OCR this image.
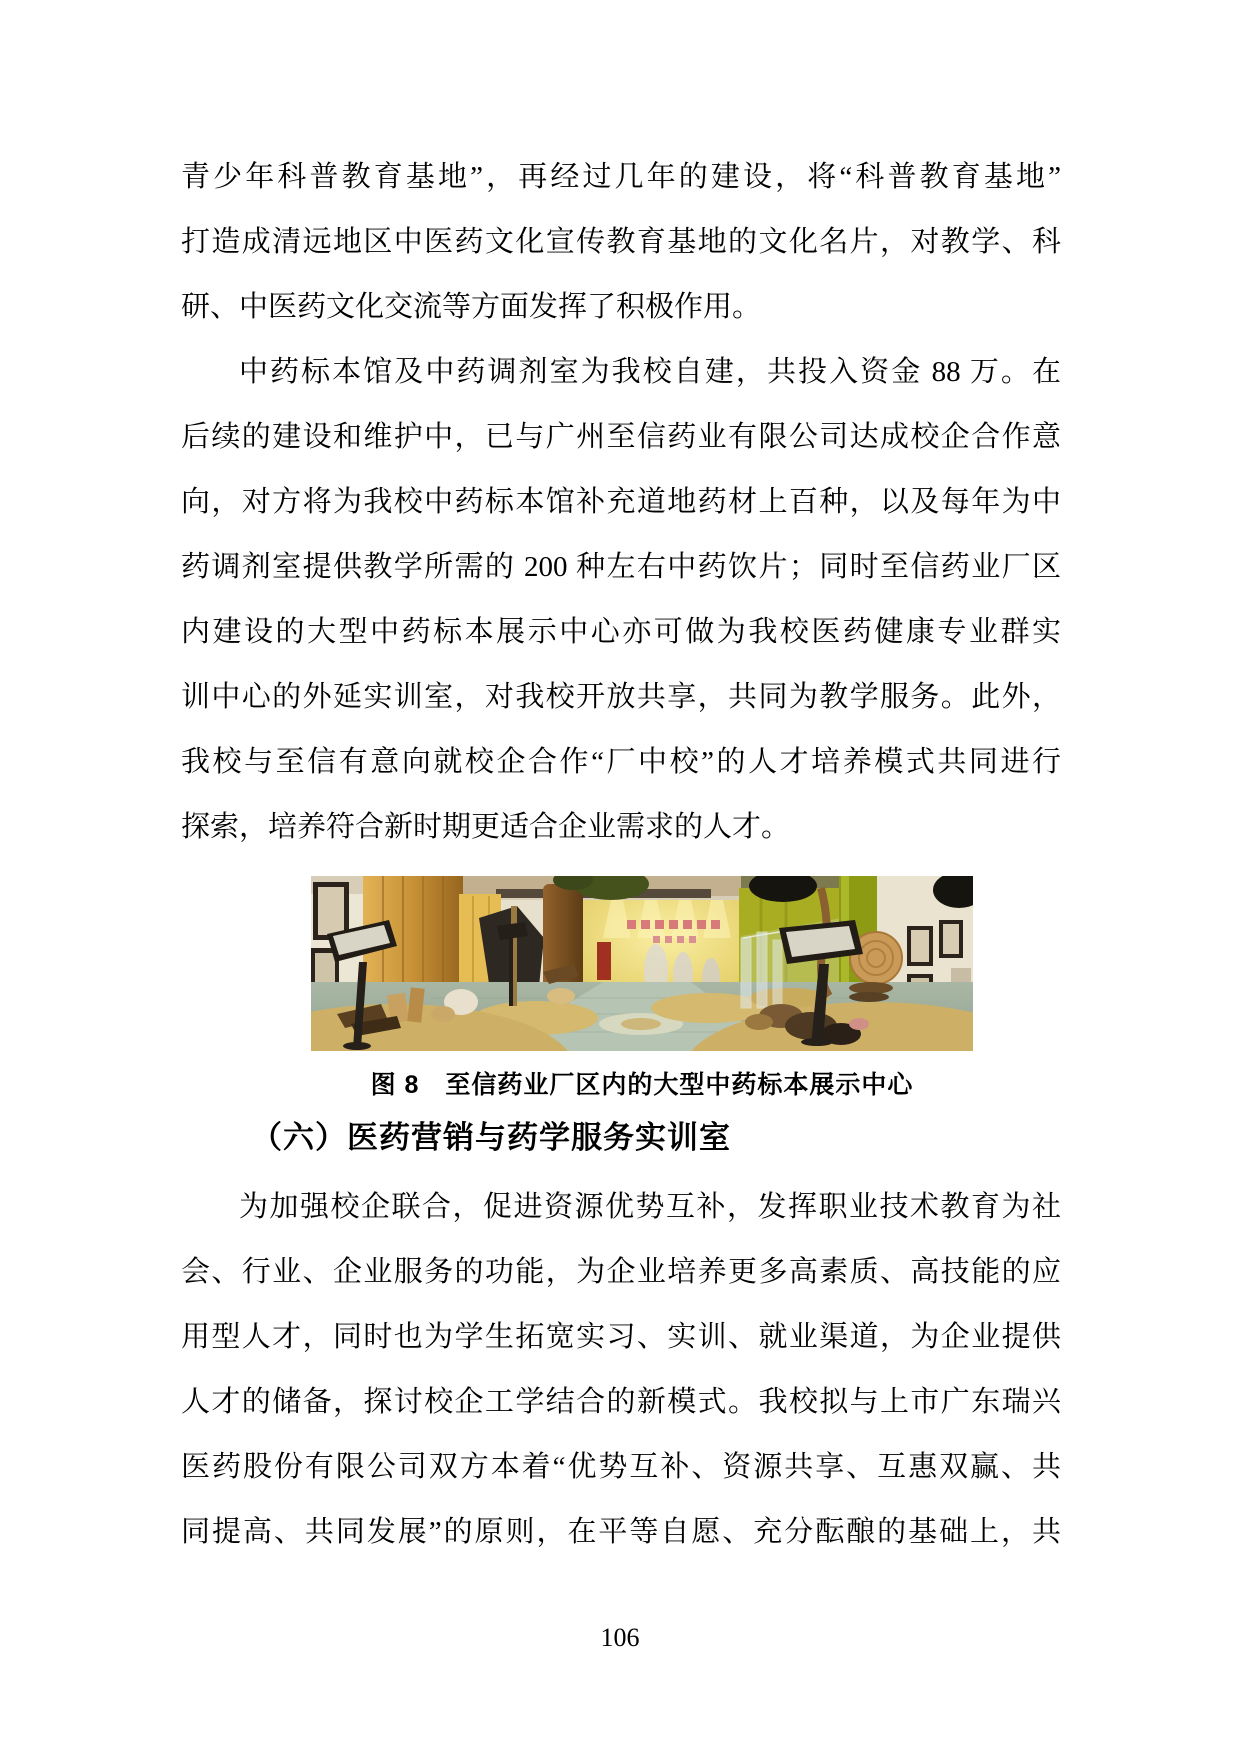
青少年科普教育基地”，再经过几年的建设，将“科普教育基地”
打造成清远地区中医药文化宣传教育基地的文化名片，对教学、科
研、中医药文化交流等方面发挥了积极作用。
中药标本馆及中药调剂室为我校自建，共投入资金 88 万。在
后续的建设和维护中，已与广州至信药业有限公司达成校企合作意
向，对方将为我校中药标本馆补充道地药材上百种，以及每年为中
药调剂室提供教学所需的 200 种左右中药饮片；同时至信药业厂区
内建设的大型中药标本展示中心亦可做为我校医药健康专业群实
训中心的外延实训室，对我校开放共享，共同为教学服务。此外，
我校与至信有意向就校企合作“厂中校”的人才培养模式共同进行
探索，培养符合新时期更适合企业需求的人才。
图 8　至信药业厂区内的大型中药标本展示中心
（六）医药营销与药学服务实训室
为加强校企联合，促进资源优势互补，发挥职业技术教育为社
会、行业、企业服务的功能，为企业培养更多高素质、高技能的应
用型人才，同时也为学生拓宽实习、实训、就业渠道，为企业提供
人才的储备，探讨校企工学结合的新模式。我校拟与上市广东瑞兴
医药股份有限公司双方本着“优势互补、资源共享、互惠双赢、共
同提高、共同发展”的原则，在平等自愿、充分酝酿的基础上，共
106
